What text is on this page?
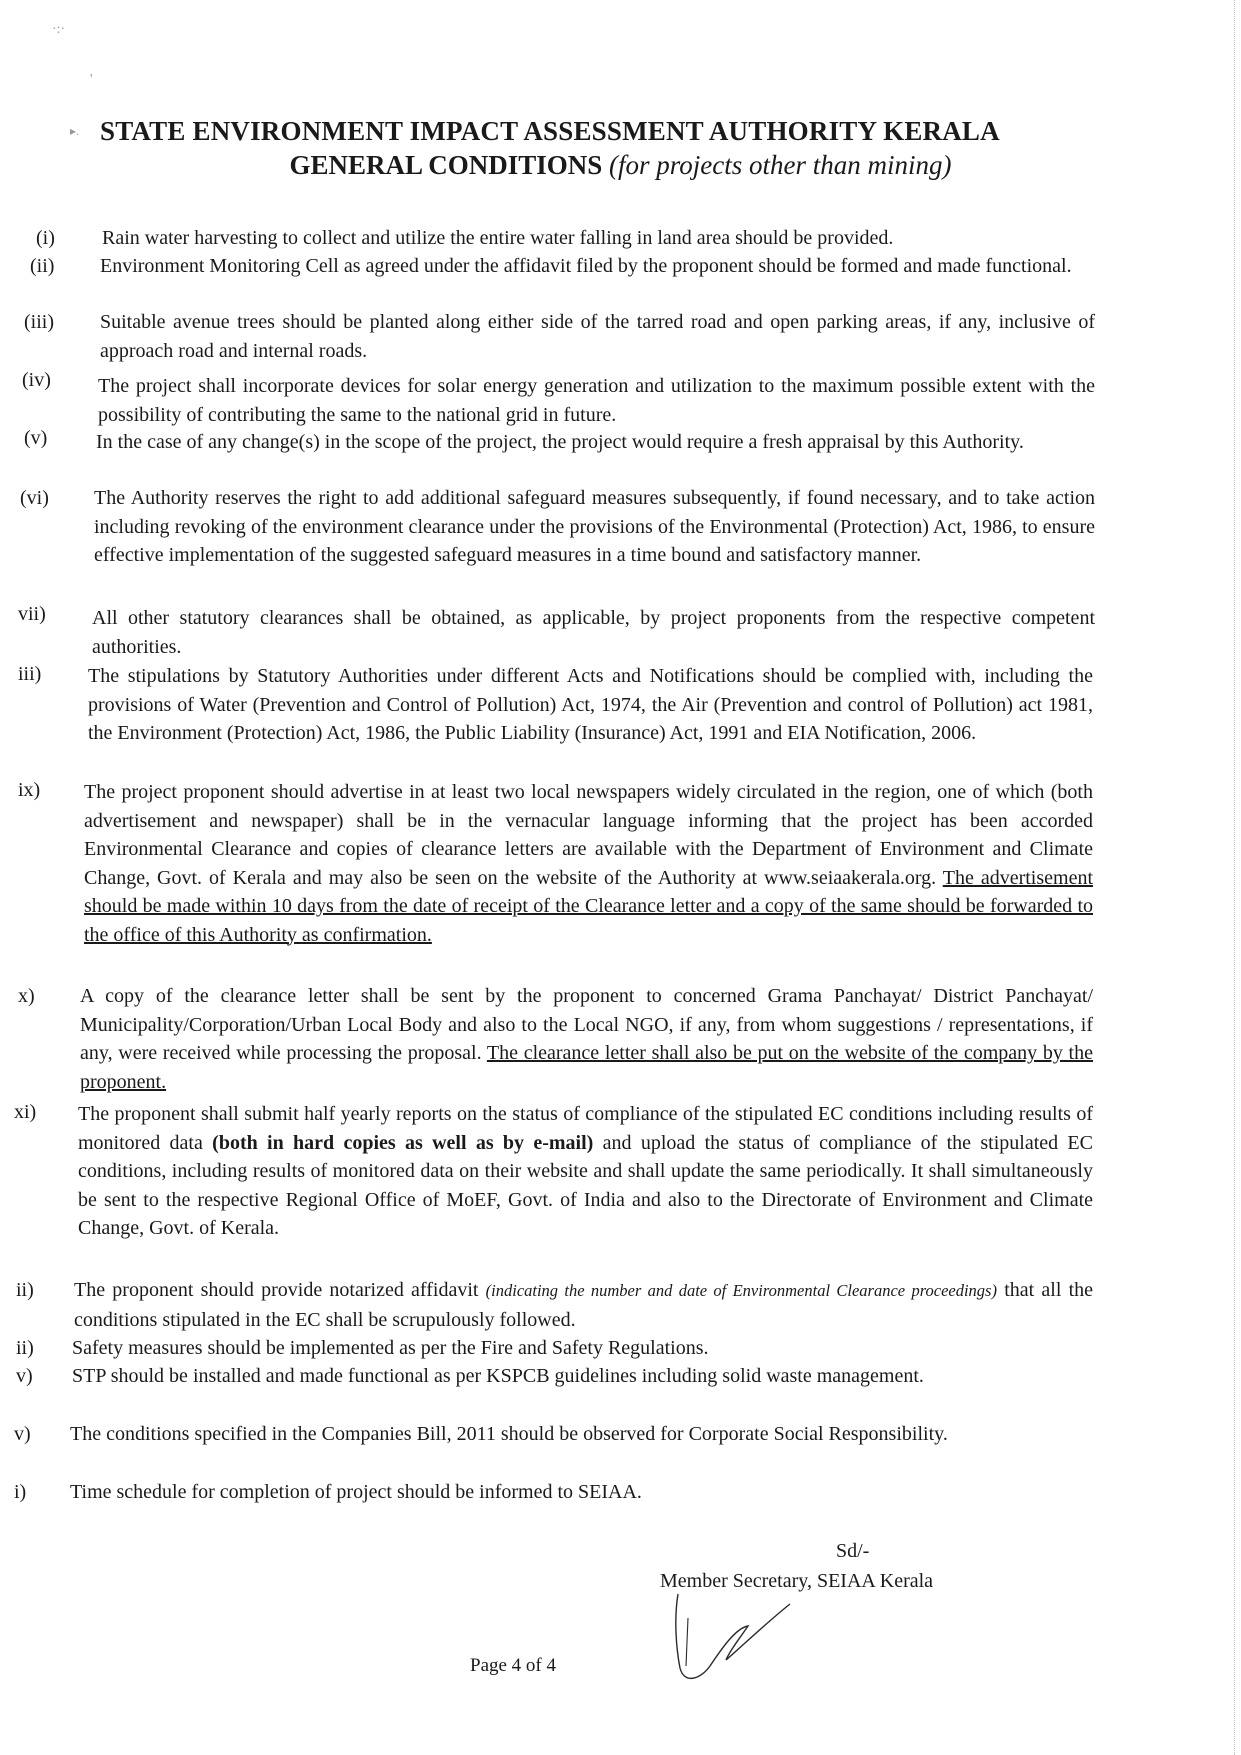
·:·
'
▸. STATE ENVIRONMENT IMPACT ASSESSMENT AUTHORITY KERALA
GENERAL CONDITIONS (for projects other than mining)
(i) Rain water harvesting to collect and utilize the entire water falling in land area should be provided.
(ii) Environment Monitoring Cell as agreed under the affidavit filed by the proponent should be formed and made functional.
(iii) Suitable avenue trees should be planted along either side of the tarred road and open parking areas, if any, inclusive of approach road and internal roads.
(iv) The project shall incorporate devices for solar energy generation and utilization to the maximum possible extent with the possibility of contributing the same to the national grid in future.
(v) In the case of any change(s) in the scope of the project, the project would require a fresh appraisal by this Authority.
(vi) The Authority reserves the right to add additional safeguard measures subsequently, if found necessary, and to take action including revoking of the environment clearance under the provisions of the Environmental (Protection) Act, 1986, to ensure effective implementation of the suggested safeguard measures in a time bound and satisfactory manner.
vii) All other statutory clearances shall be obtained, as applicable, by project proponents from the respective competent authorities.
iii) The stipulations by Statutory Authorities under different Acts and Notifications should be complied with, including the provisions of Water (Prevention and Control of Pollution) Act, 1974, the Air (Prevention and control of Pollution) act 1981, the Environment (Protection) Act, 1986, the Public Liability (Insurance) Act, 1991 and EIA Notification, 2006.
ix) The project proponent should advertise in at least two local newspapers widely circulated in the region, one of which (both advertisement and newspaper) shall be in the vernacular language informing that the project has been accorded Environmental Clearance and copies of clearance letters are available with the Department of Environment and Climate Change, Govt. of Kerala and may also be seen on the website of the Authority at www.seiaakerala.org. The advertisement should be made within 10 days from the date of receipt of the Clearance letter and a copy of the same should be forwarded to the office of this Authority as confirmation.
x) A copy of the clearance letter shall be sent by the proponent to concerned Grama Panchayat/ District Panchayat/ Municipality/Corporation/Urban Local Body and also to the Local NGO, if any, from whom suggestions / representations, if any, were received while processing the proposal. The clearance letter shall also be put on the website of the company by the proponent.
xi) The proponent shall submit half yearly reports on the status of compliance of the stipulated EC conditions including results of monitored data (both in hard copies as well as by e-mail) and upload the status of compliance of the stipulated EC conditions, including results of monitored data on their website and shall update the same periodically. It shall simultaneously be sent to the respective Regional Office of MoEF, Govt. of India and also to the Directorate of Environment and Climate Change, Govt. of Kerala.
ii) The proponent should provide notarized affidavit (indicating the number and date of Environmental Clearance proceedings) that all the conditions stipulated in the EC shall be scrupulously followed.
ii) Safety measures should be implemented as per the Fire and Safety Regulations.
v) STP should be installed and made functional as per KSPCB guidelines including solid waste management.
v) The conditions specified in the Companies Bill, 2011 should be observed for Corporate Social Responsibility.
i) Time schedule for completion of project should be informed to SEIAA.
Sd/-
Member Secretary, SEIAA Kerala
Page 4 of 4
